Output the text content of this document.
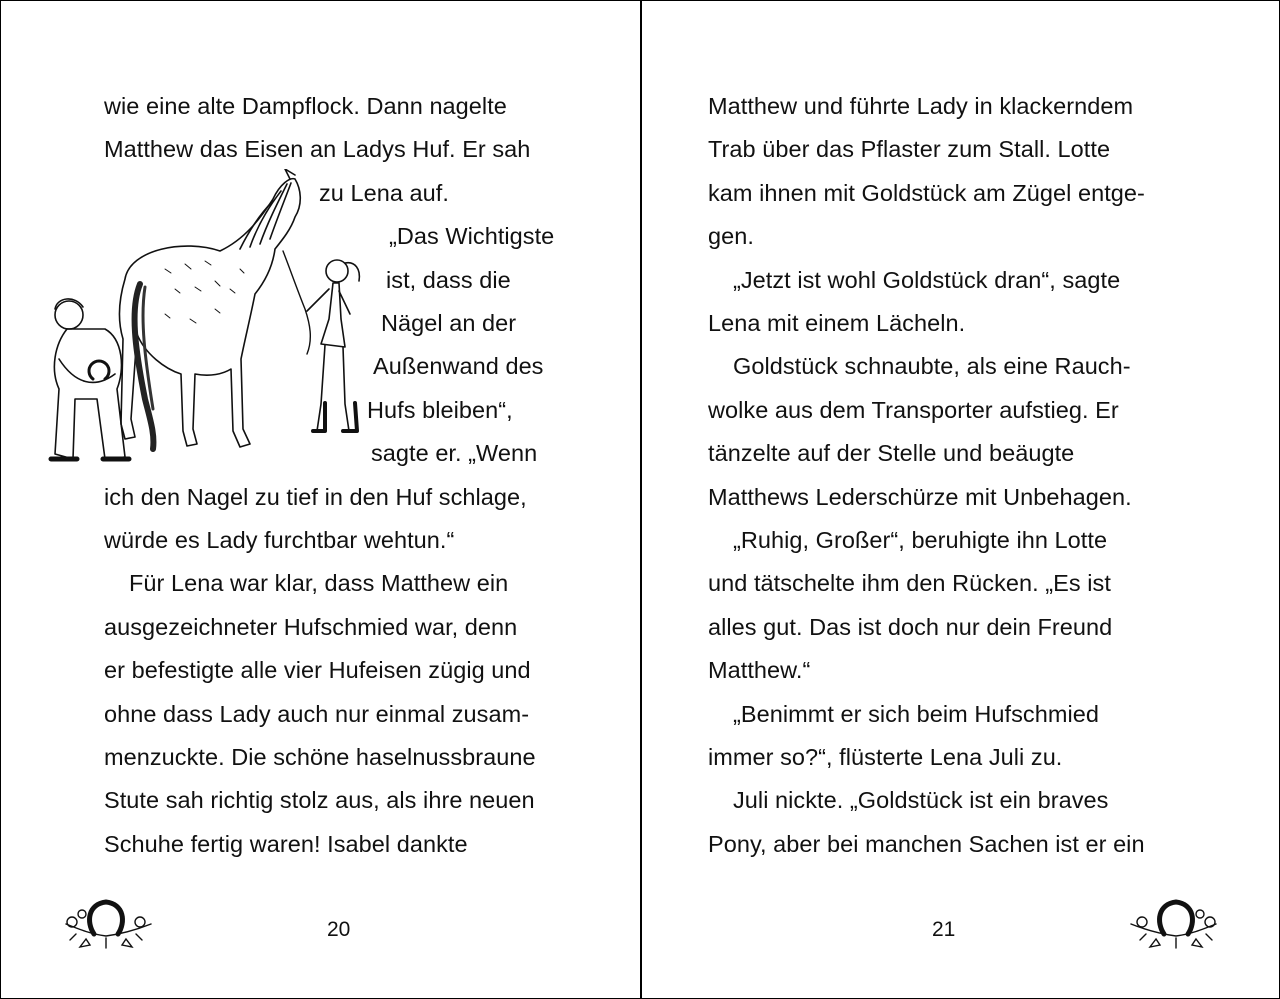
wie eine alte Dampflock. Dann nagelte
Matthew das Eisen an Ladys Huf. Er sah
zu Lena auf.
„Das Wichtigste
ist, dass die
Nägel an der
Außenwand des
Hufs bleiben“,
sagte er. „Wenn
ich den Nagel zu tief in den Huf schlage,
würde es Lady furchtbar wehtun.“
Für Lena war klar, dass Matthew ein
ausgezeichneter Hufschmied war, denn
er befestigte alle vier Hufeisen zügig und
ohne dass Lady auch nur einmal zusam-
menzuckte. Die schöne haselnussbraune
Stute sah richtig stolz aus, als ihre neuen
Schuhe fertig waren! Isabel dankte
20
Matthew und führte Lady in klackerndem
Trab über das Pflaster zum Stall. Lotte
kam ihnen mit Goldstück am Zügel entge-
gen.
„Jetzt ist wohl Goldstück dran“, sagte
Lena mit einem Lächeln.
Goldstück schnaubte, als eine Rauch-
wolke aus dem Transporter aufstieg. Er
tänzelte auf der Stelle und beäugte
Matthews Lederschürze mit Unbehagen.
„Ruhig, Großer“, beruhigte ihn Lotte
und tätschelte ihm den Rücken. „Es ist
alles gut. Das ist doch nur dein Freund
Matthew.“
„Benimmt er sich beim Hufschmied
immer so?“, flüsterte Lena Juli zu.
Juli nickte. „Goldstück ist ein braves
Pony, aber bei manchen Sachen ist er ein
21
